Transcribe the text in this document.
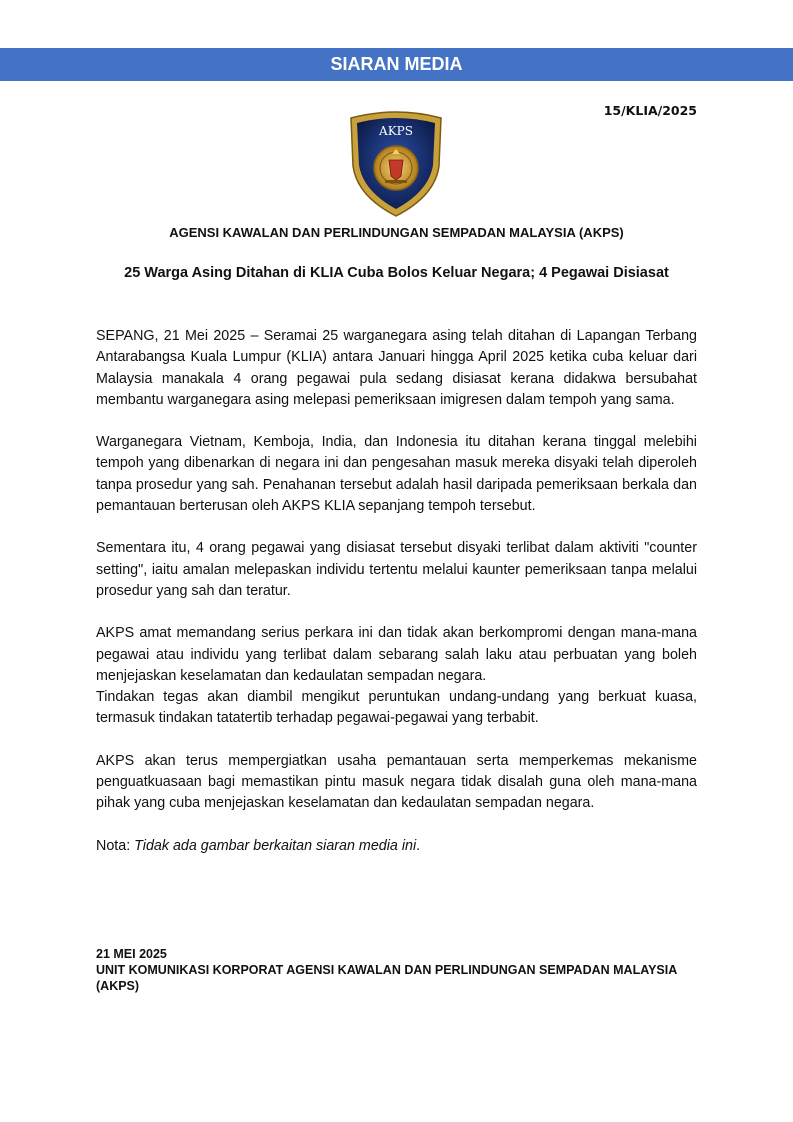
SIARAN MEDIA
15/KLIA/2025
AKPS
AGENSI KAWALAN DAN PERLINDUNGAN SEMPADAN MALAYSIA (AKPS)
25 Warga Asing Ditahan di KLIA Cuba Bolos Keluar Negara; 4 Pegawai Disiasat

SEPANG, 21 Mei 2025 – Seramai 25 warganegara asing telah ditahan di Lapangan Terbang Antarabangsa Kuala Lumpur (KLIA) antara Januari hingga April 2025 ketika cuba keluar dari Malaysia manakala 4 orang pegawai pula sedang disiasat kerana didakwa bersubahat membantu warganegara asing melepasi pemeriksaan imigresen dalam tempoh yang sama.

Warganegara Vietnam, Kemboja, India, dan Indonesia itu ditahan kerana tinggal melebihi tempoh yang dibenarkan di negara ini dan pengesahan masuk mereka disyaki telah diperoleh tanpa prosedur yang sah. Penahanan tersebut adalah hasil daripada pemeriksaan berkala dan pemantauan berterusan oleh AKPS KLIA sepanjang tempoh tersebut.

Sementara itu, 4 orang pegawai yang disiasat tersebut disyaki terlibat dalam aktiviti "counter setting", iaitu amalan melepaskan individu tertentu melalui kaunter pemeriksaan tanpa melalui prosedur yang sah dan teratur.

AKPS amat memandang serius perkara ini dan tidak akan berkompromi dengan mana-mana pegawai atau individu yang terlibat dalam sebarang salah laku atau perbuatan yang boleh menjejaskan keselamatan dan kedaulatan sempadan negara.

Tindakan tegas akan diambil mengikut peruntukan undang-undang yang berkuat kuasa, termasuk tindakan tatatertib terhadap pegawai-pegawai yang terbabit.

AKPS akan terus mempergiatkan usaha pemantauan serta memperkemas mekanisme penguatkuasaan bagi memastikan pintu masuk negara tidak disalah guna oleh mana-mana pihak yang cuba menjejaskan keselamatan dan kedaulatan sempadan negara.

Nota: Tidak ada gambar berkaitan siaran media ini.

21 MEI 2025
UNIT KOMUNIKASI KORPORAT AGENSI KAWALAN DAN PERLINDUNGAN SEMPADAN MALAYSIA (AKPS)
